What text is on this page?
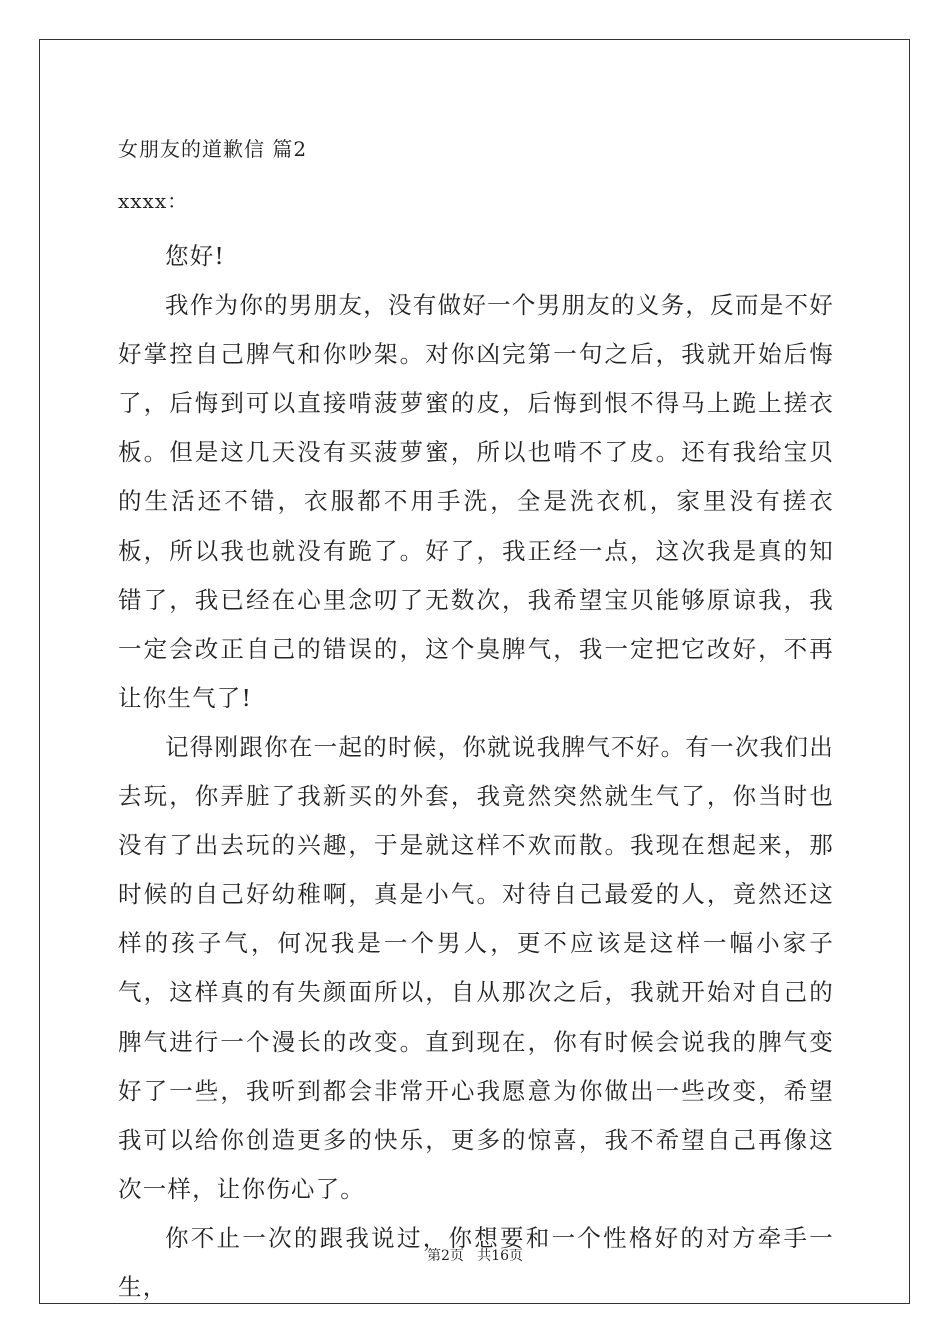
女朋友的道歉信 篇2
xxxx：

您好!

我作为你的男朋友，没有做好一个男朋友的义务，反而是不好好掌控自己脾气和你吵架。对你凶完第一句之后，我就开始后悔了，后悔到可以直接啃菠萝蜜的皮，后悔到恨不得马上跪上搓衣板。但是这几天没有买菠萝蜜，所以也啃不了皮。还有我给宝贝的生活还不错，衣服都不用手洗，全是洗衣机，家里没有搓衣板，所以我也就没有跪了。好了，我正经一点，这次我是真的知错了，我已经在心里念叨了无数次，我希望宝贝能够原谅我，我一定会改正自己的错误的，这个臭脾气，我一定把它改好，不再让你生气了!

记得刚跟你在一起的时候，你就说我脾气不好。有一次我们出去玩，你弄脏了我新买的外套，我竟然突然就生气了，你当时也没有了出去玩的兴趣，于是就这样不欢而散。我现在想起来，那时候的自己好幼稚啊，真是小气。对待自己最爱的人，竟然还这样的孩子气，何况我是一个男人，更不应该是这样一幅小家子气，这样真的有失颜面所以，自从那次之后，我就开始对自己的脾气进行一个漫长的改变。直到现在，你有时候会说我的脾气变好了一些，我听到都会非常开心我愿意为你做出一些改变，希望我可以给你创造更多的快乐，更多的惊喜，我不希望自己再像这次一样，让你伤心了。

你不止一次的跟我说过，你想要和一个性格好的对方牵手一生，

第2页   共16页
